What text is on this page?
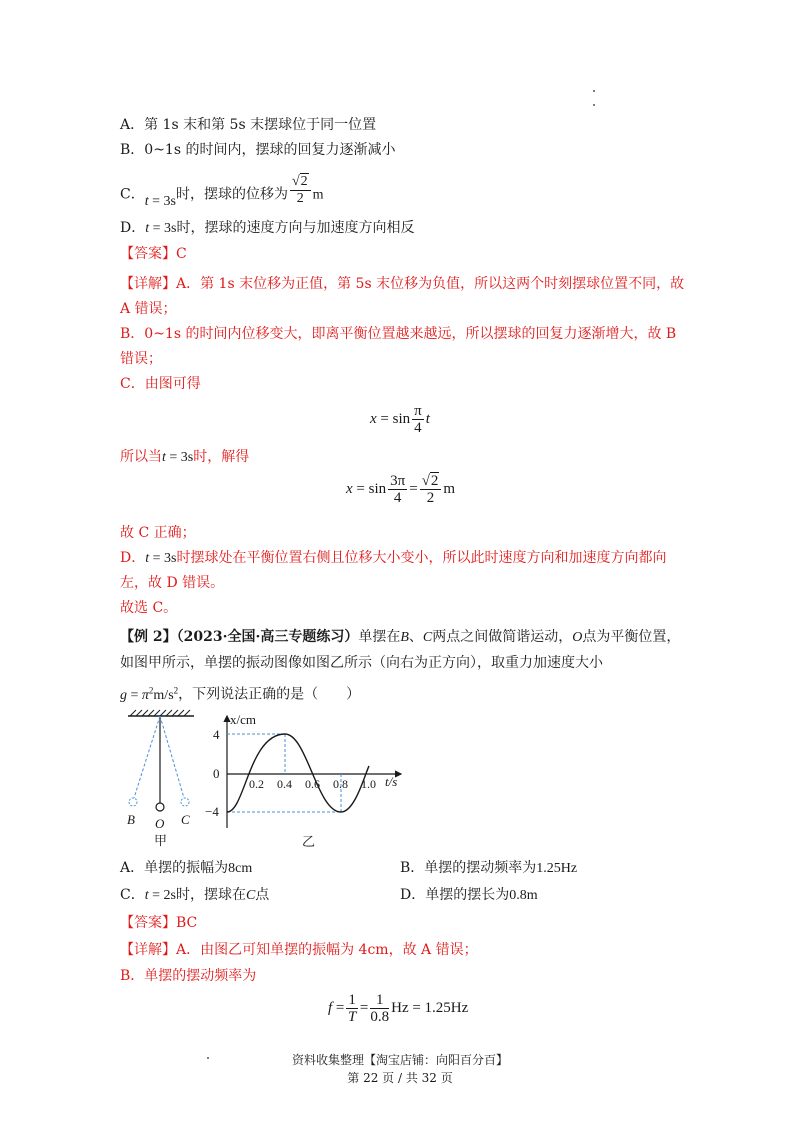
A．第 1s 末和第 5s 末摆球位于同一位置
B．0~1s 的时间内，摆球的回复力逐渐减小
C．t = 3s时，摆球的位移为 $\frac{√2}{2}$ m
D．t = 3s时，摆球的速度方向与加速度方向相反
【答案】C
【详解】A．第 1s 末位移为正值，第 5s 末位移为负值，所以这两个时刻摆球位置不同，故
A 错误；
B．0~1s 的时间内位移变大，即离平衡位置越来越远，所以摆球的回复力逐渐增大，故 B
错误；
C．由图可得
$x = \sin \frac{\pi}{4}$ t
所以当t = 3s时，解得
$x = \sin \frac{3\pi}{4} = \frac{√2}{2}$ m
故 C 正确；
D．t = 3s时摆球处在平衡位置右侧且位移大小变小，所以此时速度方向和加速度方向都向
左，故 D 错误。
故选 C。
【例 2】（2023·全国·高三专题练习）单摆在B、C两点之间做简谐运动，O点为平衡位置，
如图甲所示，单摆的振动图像如图乙所示（向右为正方向），取重力加速度大小
$g = \pi^2m/s^2$，下列说法正确的是（　　）
B O C
甲
x/cm
t/s
4
0
−4
0.2 0.4 0.6 0.8 1.0
乙
A．单摆的振幅为8cm	B．单摆的摆动频率为1.25Hz
C．t = 2s时，摆球在C点	D．单摆的摆长为0.8m
【答案】BC
【详解】A．由图乙可知单摆的振幅为 4cm，故 A 错误；
B．单摆的摆动频率为
$f = \frac{1}{T} = \frac{1}{0.8}$ Hz = 1.25Hz
资料收集整理【淘宝店铺：向阳百分百】
第 22 页 / 共 32 页
